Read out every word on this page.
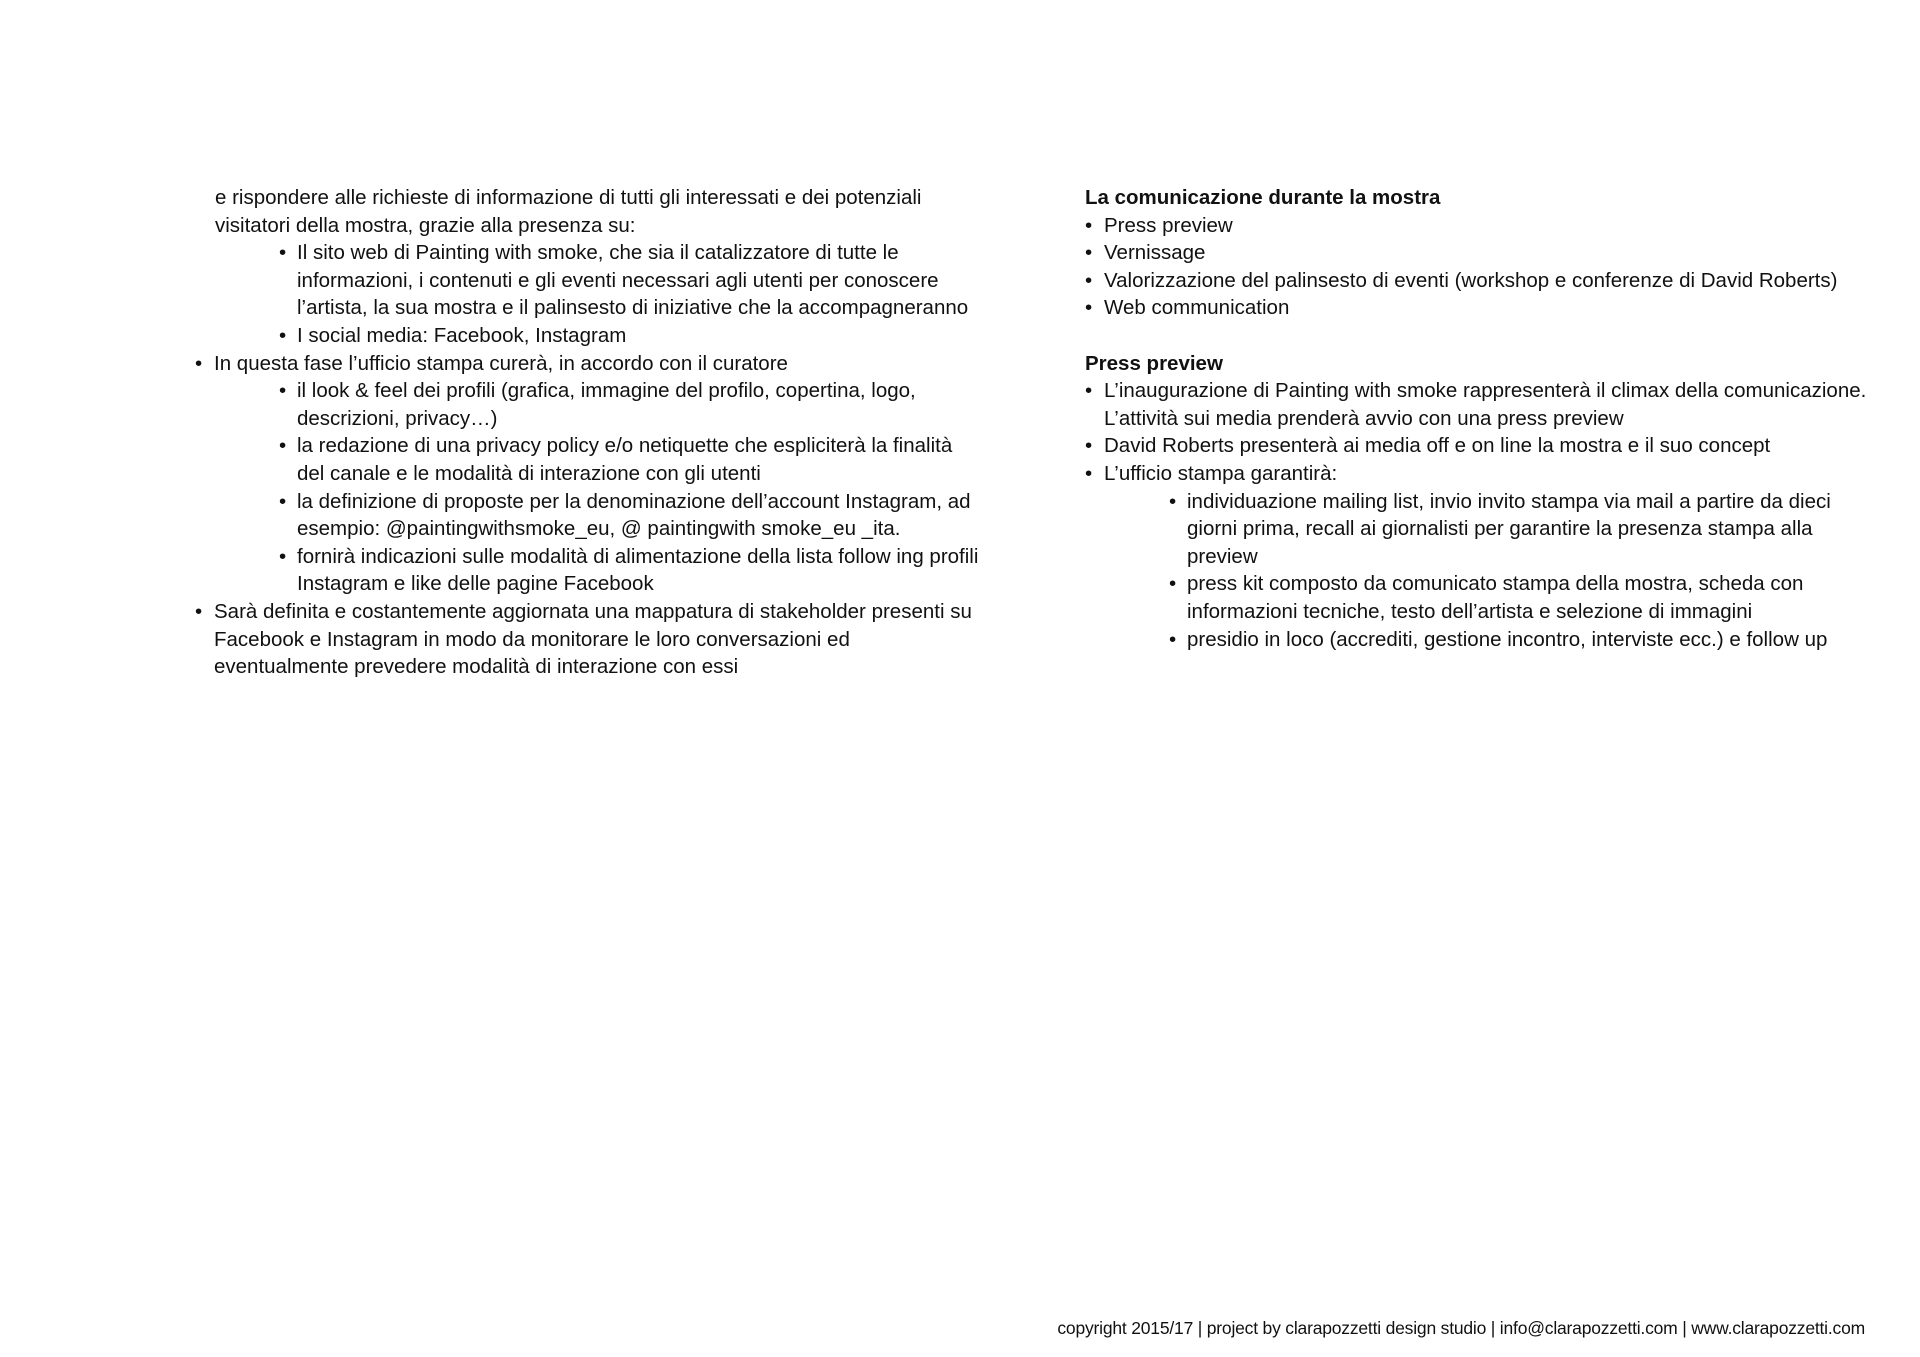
e rispondere alle richieste di informazione di tutti gli interessati e dei potenziali visitatori della mostra, grazie alla presenza su:

• Il sito web di Painting with smoke, che sia il catalizzatore di tutte le informazioni, i contenuti e gli eventi necessari agli utenti per conoscere l’artista, la sua mostra e il palinsesto di iniziative che la accompagneranno
• I social media: Facebook, Instagram
• In questa fase l’ufficio stampa curerà, in accordo con il curatore
• il look & feel dei profili (grafica, immagine del profilo, copertina, logo, descrizioni, privacy…)
• la redazione di una privacy policy e/o netiquette che espliciterà la finalità del canale e le modalità di interazione con gli utenti
• la definizione di proposte per la denominazione dell’account Instagram, ad esempio: @paintingwithsmoke_eu, @ paintingwith smoke_eu _ita.
• fornirà indicazioni sulle modalità di alimentazione della lista follow ing profili Instagram e like delle pagine Facebook
• Sarà definita e costantemente aggiornata una mappatura di stakeholder presenti su Facebook e Instagram in modo da monitorare le loro conversazioni ed eventualmente prevedere modalità di interazione con essi

La comunicazione durante la mostra

• Press preview
• Vernissage
• Valorizzazione del palinsesto di eventi (workshop e conferenze di David Roberts)
• Web communication

Press preview

• L’inaugurazione di Painting with smoke rappresenterà il climax della comunicazione.
L’attività sui media prenderà avvio con una press preview
• David Roberts presenterà ai media off e on line la mostra e il suo concept
• L’ufficio stampa garantirà:
• individuazione mailing list, invio invito stampa via mail a partire da dieci giorni prima, recall ai giornalisti per garantire la presenza stampa alla preview
• press kit composto da comunicato stampa della mostra, scheda con informazioni tecniche, testo dell’artista e selezione di immagini
• presidio in loco (accrediti, gestione incontro, interviste ecc.) e follow up
copyright 2015/17 | project by clarapozzetti design studio | info@clarapozzetti.com | www.clarapozzetti.com
